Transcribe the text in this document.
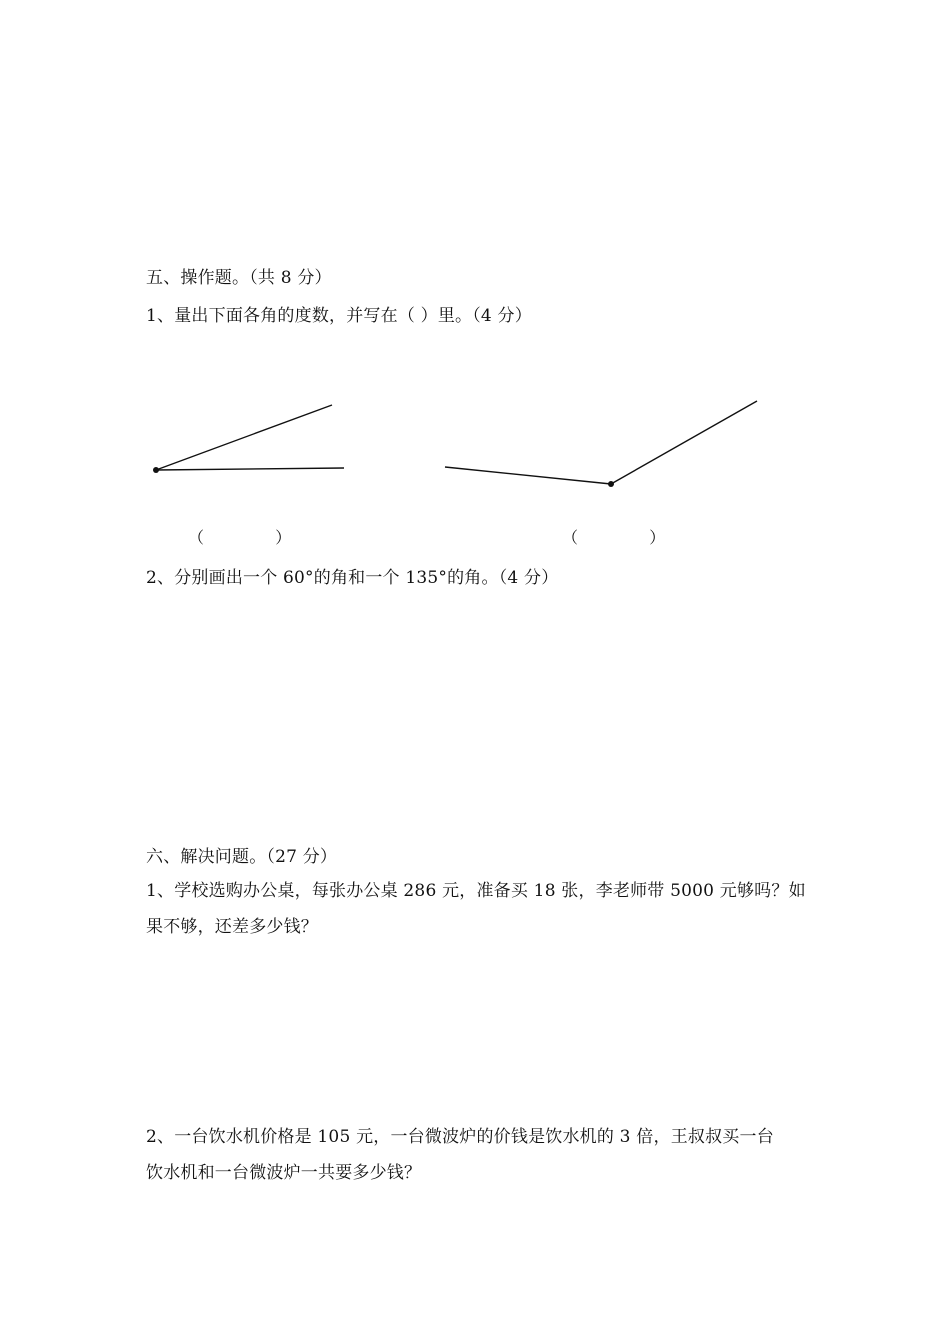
五、操作题。（共 8 分）
1、量出下面各角的度数，并写在（ ）里。（4 分）
（              ）	（              ）
2、分别画出一个 60°的角和一个 135°的角。（4 分）
六、解决问题。（27 分）
1、学校选购办公桌，每张办公桌 286 元，准备买 18 张，李老师带 5000 元够吗？如
果不够，还差多少钱？
2、一台饮水机价格是 105 元，一台微波炉的价钱是饮水机的 3 倍，王叔叔买一台
饮水机和一台微波炉一共要多少钱？
